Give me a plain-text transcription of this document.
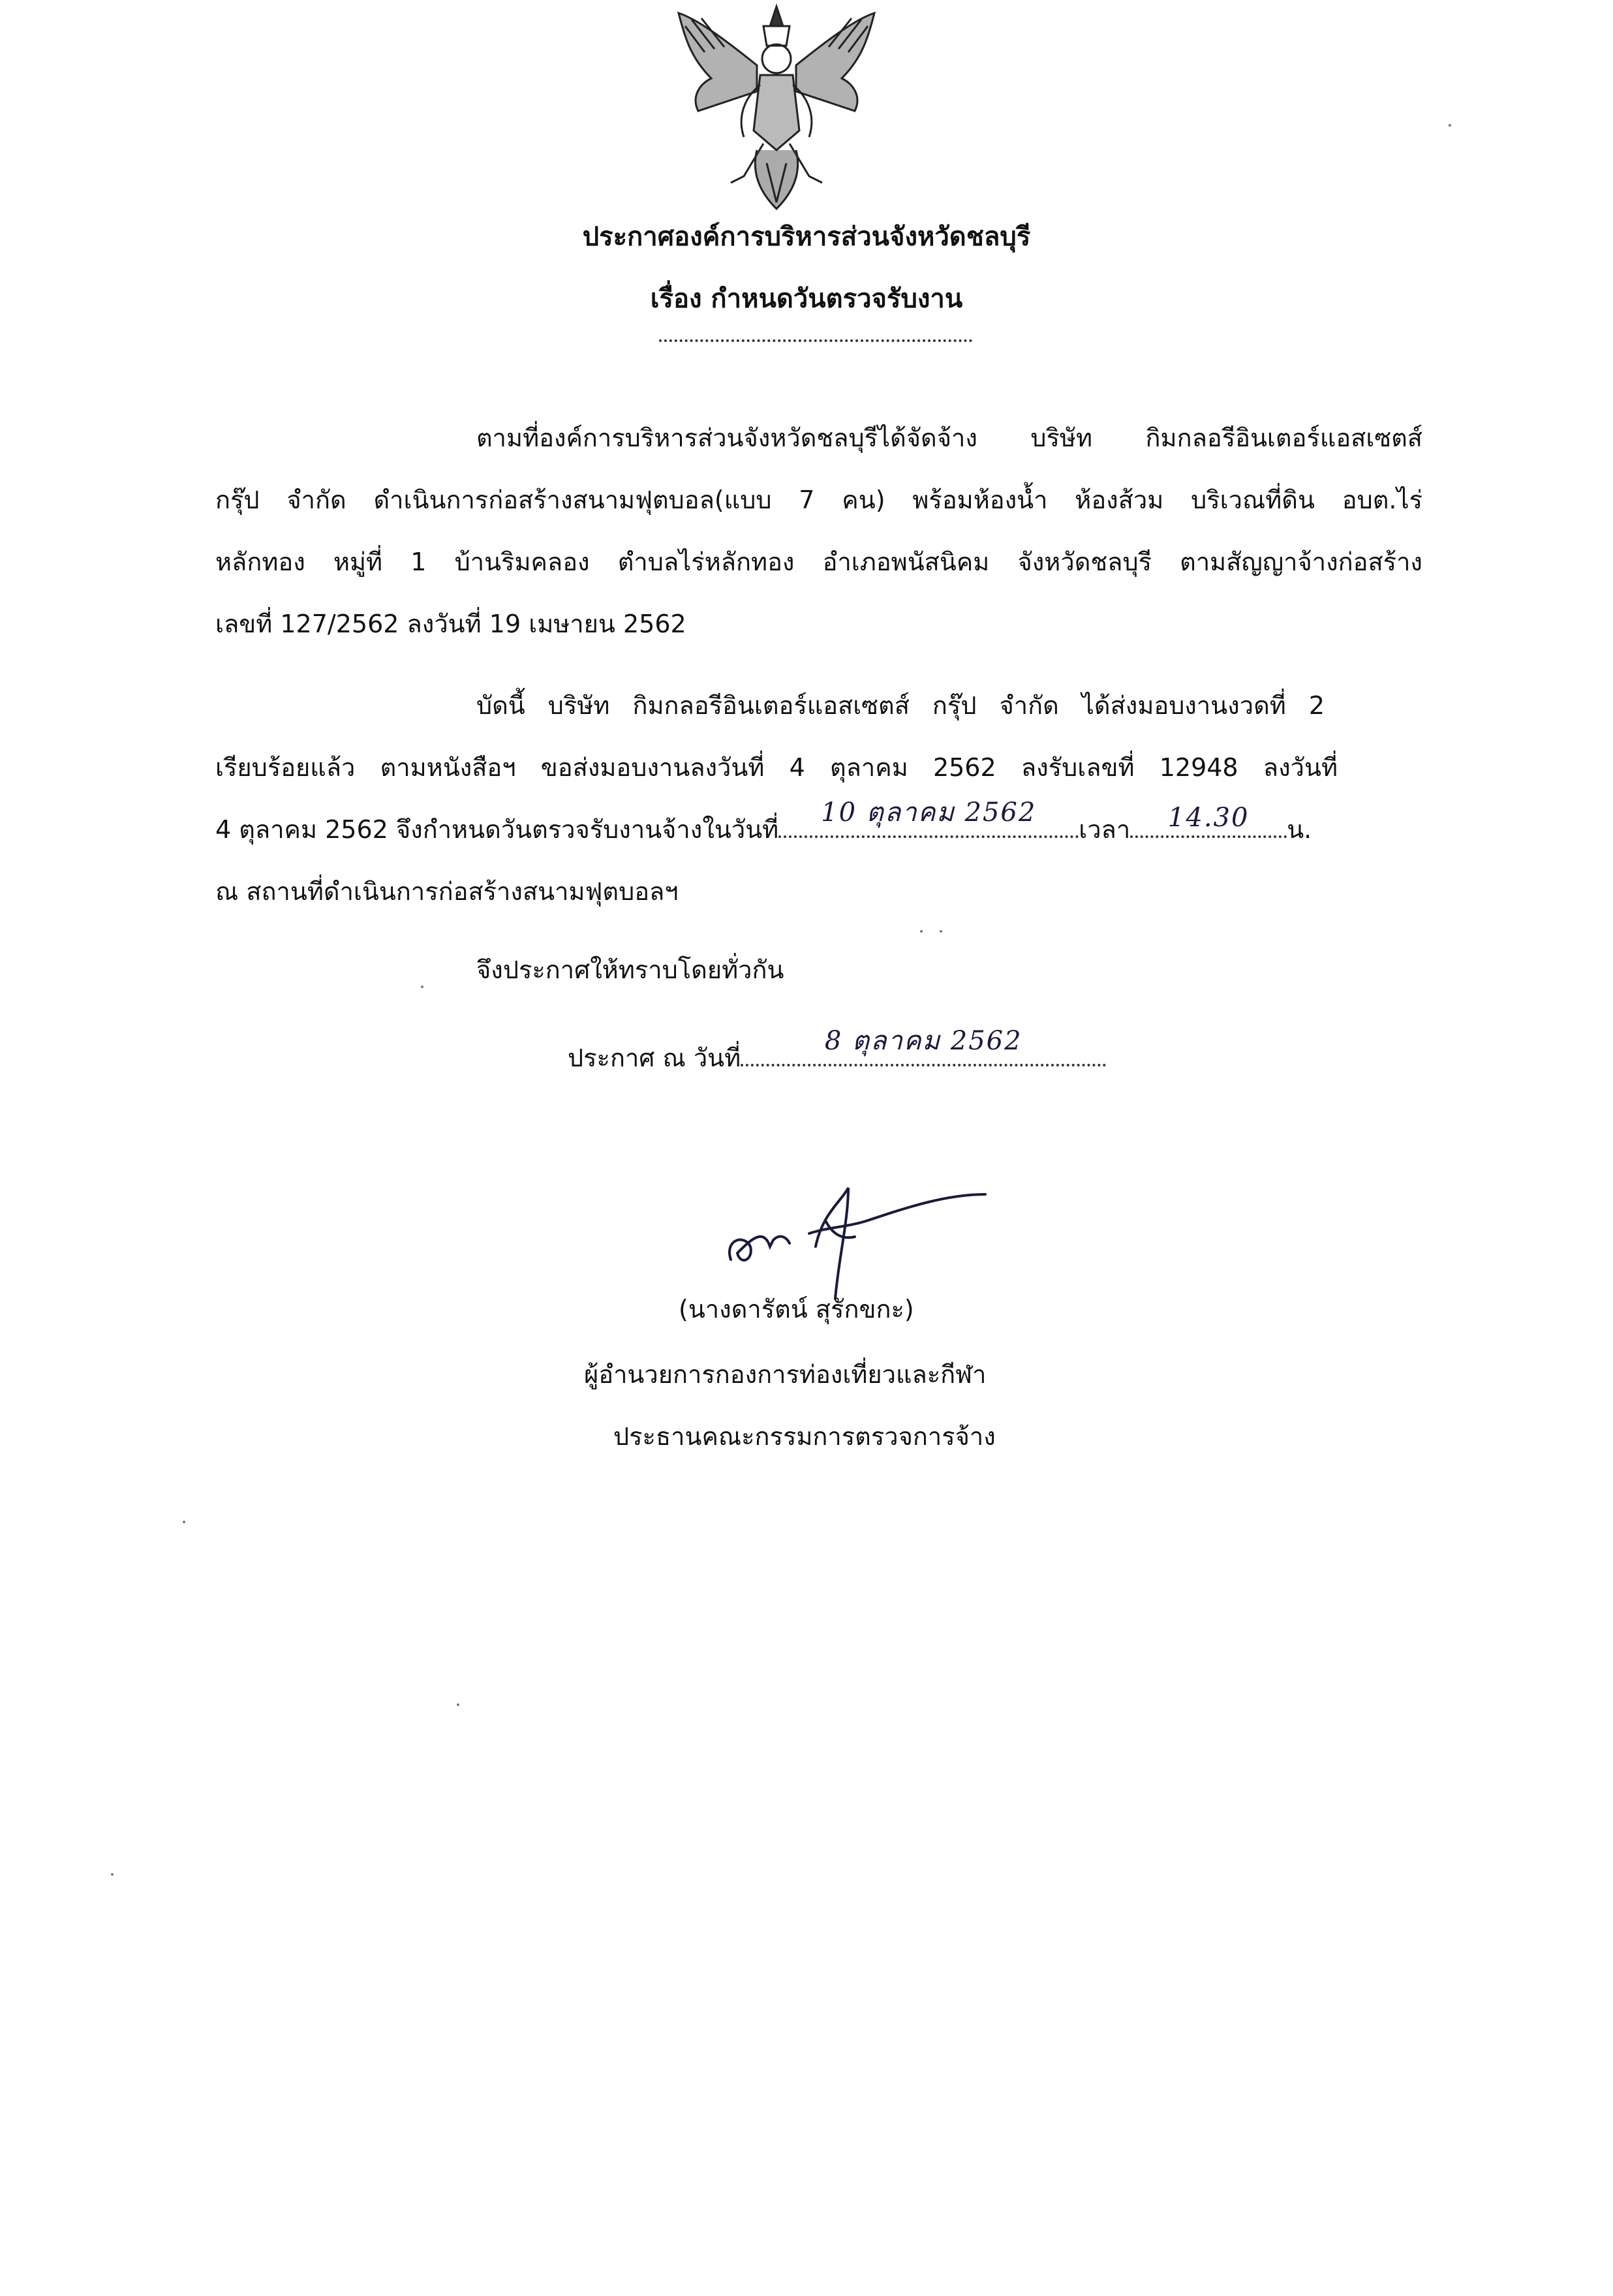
ประกาศองค์การบริหารส่วนจังหวัดชลบุรี
เรื่อง กำหนดวันตรวจรับงาน
ตามที่องค์การบริหารส่วนจังหวัดชลบุรีได้จัดจ้าง บริษัท กิมกลอรีอินเตอร์แอสเซตส์
กรุ๊ป จำกัด ดำเนินการก่อสร้างสนามฟุตบอล(แบบ 7 คน) พร้อมห้องน้ำ ห้องส้วม บริเวณที่ดิน อบต.ไร่
หลักทอง หมู่ที่ 1 บ้านริมคลอง ตำบลไร่หลักทอง อำเภอพนัสนิคม จังหวัดชลบุรี ตามสัญญาจ้างก่อสร้าง
เลขที่ 127/2562 ลงวันที่ 19 เมษายน 2562
บัดนี้ บริษัท กิมกลอรีอินเตอร์แอสเซตส์ กรุ๊ป จำกัด ได้ส่งมอบงานงวดที่ 2
เรียบร้อยแล้ว ตามหนังสือฯ ขอส่งมอบงานลงวันที่ 4 ตุลาคม 2562 ลงรับเลขที่ 12948 ลงวันที่
4 ตุลาคม 2562 จึงกำหนดวันตรวจรับงานจ้างในวันที่
10 ตุลาคม 2562
เวลา	14.30	น.
ณ สถานที่ดำเนินการก่อสร้างสนามฟุตบอลฯ
จึงประกาศให้ทราบโดยทั่วกัน
ประกาศ ณ วันที่
8 ตุลาคม 2562
(นางดารัตน์ สุรักขกะ)
ผู้อำนวยการกองการท่องเที่ยวและกีฬา
ประธานคณะกรรมการตรวจการจ้าง
